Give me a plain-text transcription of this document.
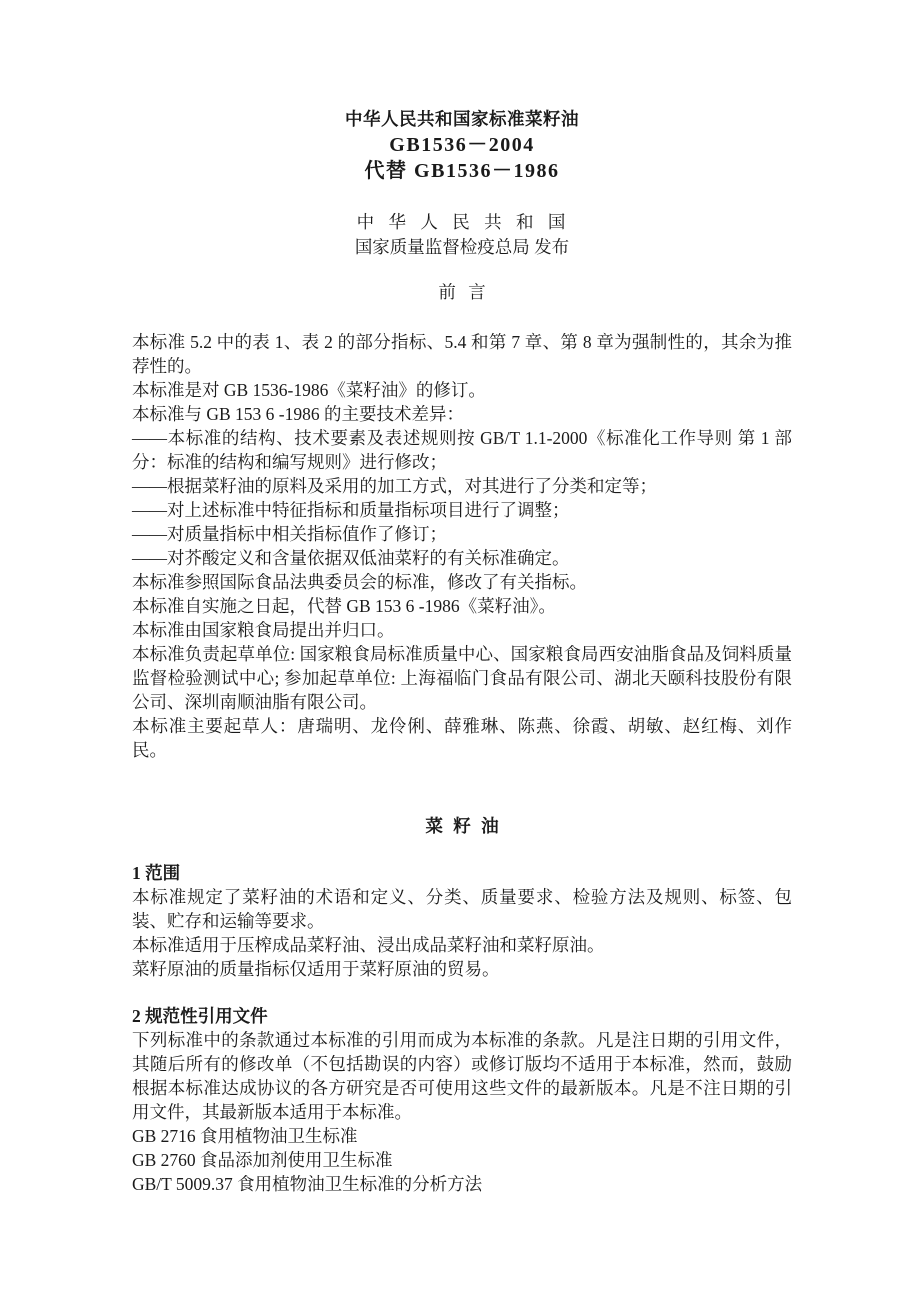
中华人民共和国家标准菜籽油
GB1536－2004
代替 GB1536－1986
中 华 人 民 共 和 国
国家质量监督检疫总局 发布
前 言

本标准 5.2 中的表 1、表 2 的部分指标、5.4 和第 7 章、第 8 章为强制性的，其余为推荐性的。

本标准是对 GB 1536-1986《菜籽油》的修订。

本标准与 GB 153 6 -1986 的主要技术差异：

——本标准的结构、技术要素及表述规则按 GB/T 1.1-2000《标准化工作导则 第 1 部分：标准的结构和编写规则》进行修改；

——根据菜籽油的原料及采用的加工方式，对其进行了分类和定等；

——对上述标准中特征指标和质量指标项目进行了调整；

——对质量指标中相关指标值作了修订；

——对芥酸定义和含量依据双低油菜籽的有关标准确定。

本标准参照国际食品法典委员会的标准，修改了有关指标。

本标准自实施之日起，代替 GB 153 6 -1986《菜籽油》。

本标准由国家粮食局提出并归口。

本标准负责起草单位: 国家粮食局标准质量中心、国家粮食局西安油脂食品及饲料质量监督检验测试中心; 参加起草单位: 上海福临门食品有限公司、湖北天颐科技股份有限公司、深圳南顺油脂有限公司。

本标准主要起草人：唐瑞明、龙伶俐、薛雅琳、陈燕、徐霞、胡敏、赵红梅、刘作民。

菜 籽 油
1 范围

本标准规定了菜籽油的术语和定义、分类、质量要求、检验方法及规则、标签、包装、贮存和运输等要求。

本标准适用于压榨成品菜籽油、浸出成品菜籽油和菜籽原油。

菜籽原油的质量指标仅适用于菜籽原油的贸易。

2 规范性引用文件

下列标准中的条款通过本标准的引用而成为本标准的条款。凡是注日期的引用文件，其随后所有的修改单（不包括勘误的内容）或修订版均不适用于本标准，然而，鼓励根据本标准达成协议的各方研究是否可使用这些文件的最新版本。凡是不注日期的引用文件，其最新版本适用于本标准。

GB 2716 食用植物油卫生标准

GB 2760 食品添加剂使用卫生标准

GB/T 5009.37 食用植物油卫生标准的分析方法
